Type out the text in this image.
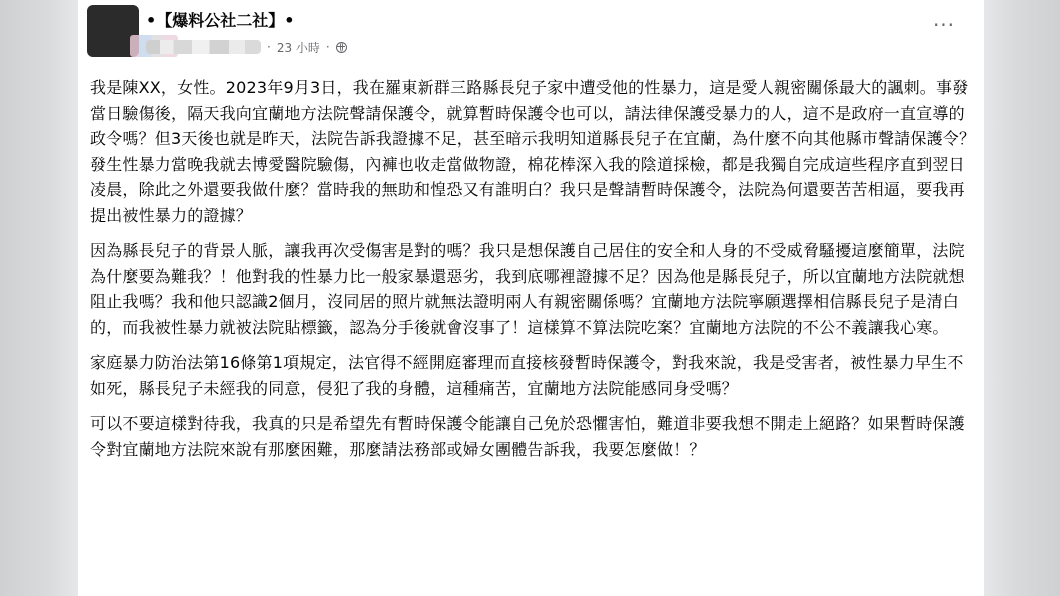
•【爆料公社二社】•
· 23 小時 ·
···

我是陳XX，女性。2023年9月3日，我在羅東新群三路縣長兒子家中遭受他的性暴力，這是愛人親密關係最大的諷刺。事發當日驗傷後，隔天我向宜蘭地方法院聲請保護令，就算暫時保護令也可以，請法律保護受暴力的人，這不是政府一直宣導的政令嗎？但3天後也就是昨天，法院告訴我證據不足，甚至暗示我明知道縣長兒子在宜蘭，為什麼不向其他縣市聲請保護令？發生性暴力當晚我就去博愛醫院驗傷，內褲也收走當做物證，棉花棒深入我的陰道採檢，都是我獨自完成這些程序直到翌日凌晨，除此之外還要我做什麼？當時我的無助和惶恐又有誰明白？我只是聲請暫時保護令，法院為何還要苦苦相逼，要我再提出被性暴力的證據？

因為縣長兒子的背景人脈，讓我再次受傷害是對的嗎？我只是想保護自己居住的安全和人身的不受威脅騷擾這麼簡單，法院為什麼要為難我？！他對我的性暴力比一般家暴還惡劣，我到底哪裡證據不足？因為他是縣長兒子，所以宜蘭地方法院就想阻止我嗎？我和他只認識2個月，沒同居的照片就無法證明兩人有親密關係嗎？宜蘭地方法院寧願選擇相信縣長兒子是清白的，而我被性暴力就被法院貼標籤，認為分手後就會沒事了！這樣算不算法院吃案？宜蘭地方法院的不公不義讓我心寒。

家庭暴力防治法第16條第1項規定，法官得不經開庭審理而直接核發暫時保護令，對我來說，我是受害者，被性暴力早生不如死，縣長兒子未經我的同意，侵犯了我的身體，這種痛苦，宜蘭地方法院能感同身受嗎？

可以不要這樣對待我，我真的只是希望先有暫時保護令能讓自己免於恐懼害怕，難道非要我想不開走上絕路？如果暫時保護令對宜蘭地方法院來說有那麼困難，那麼請法務部或婦女團體告訴我，我要怎麼做！？
